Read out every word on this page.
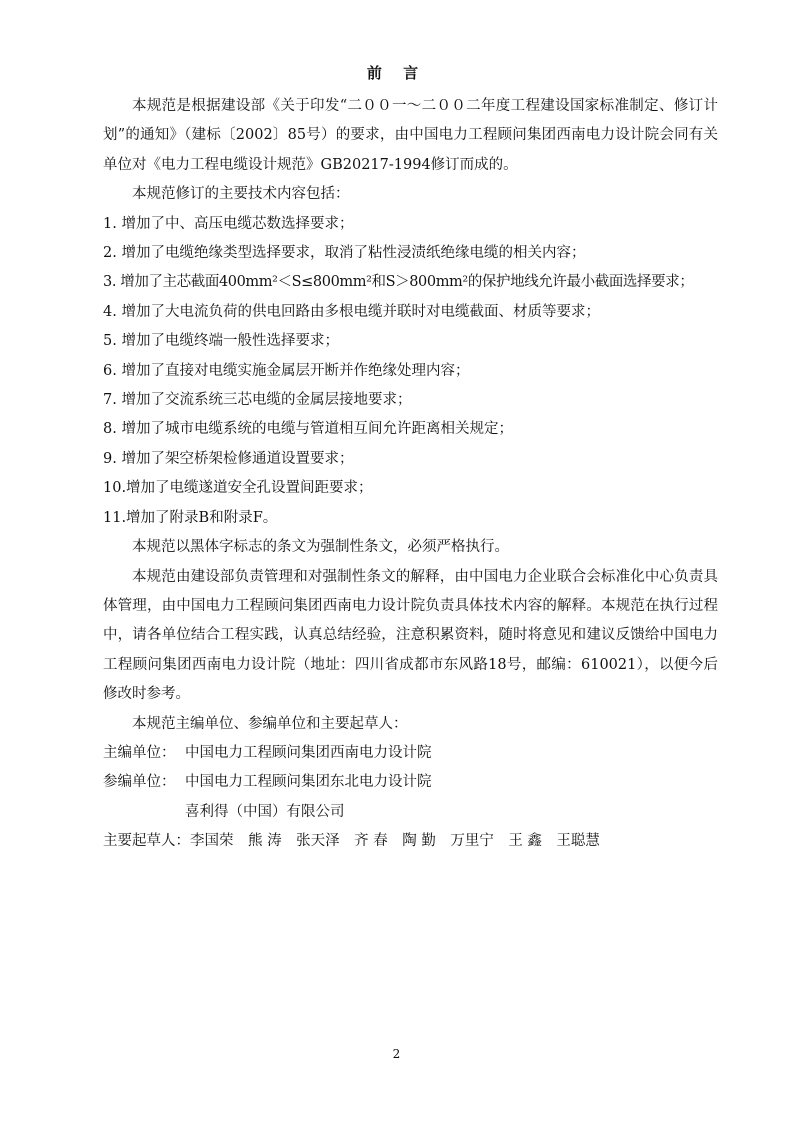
前 言

本规范是根据建设部《关于印发“二００一～二００二年度工程建设国家标准制定、修订计划”的通知》（建标〔2002〕85号）的要求，由中国电力工程顾问集团西南电力设计院会同有关单位对《电力工程电缆设计规范》GB20217-1994修订而成的。

本规范修订的主要技术内容包括：

1. 增加了中、高压电缆芯数选择要求；

2. 增加了电缆绝缘类型选择要求，取消了粘性浸渍纸绝缘电缆的相关内容；

3. 增加了主芯截面400mm²＜S≤800mm²和S＞800mm²的保护地线允许最小截面选择要求；

4. 增加了大电流负荷的供电回路由多根电缆并联时对电缆截面、材质等要求；

5. 增加了电缆终端一般性选择要求；

6. 增加了直接对电缆实施金属层开断并作绝缘处理内容；

7. 增加了交流系统三芯电缆的金属层接地要求；

8. 增加了城市电缆系统的电缆与管道相互间允许距离相关规定；

9. 增加了架空桥架检修通道设置要求；

10.增加了电缆遂道安全孔设置间距要求；

11.增加了附录B和附录F。

本规范以黑体字标志的条文为强制性条文，必须严格执行。

本规范由建设部负责管理和对强制性条文的解释，由中国电力企业联合会标准化中心负责具体管理，由中国电力工程顾问集团西南电力设计院负责具体技术内容的解释。本规范在执行过程中，请各单位结合工程实践，认真总结经验，注意积累资料，随时将意见和建议反馈给中国电力工程顾问集团西南电力设计院（地址：四川省成都市东风路18号，邮编：610021），以便今后修改时参考。

本规范主编单位、参编单位和主要起草人：

主编单位： 中国电力工程顾问集团西南电力设计院
参编单位： 中国电力工程顾问集团东北电力设计院
喜利得（中国）有限公司

主要起草人：李国荣　熊 涛　张天泽　齐 春　陶 勤　万里宁　王 鑫　王聪慧

2
